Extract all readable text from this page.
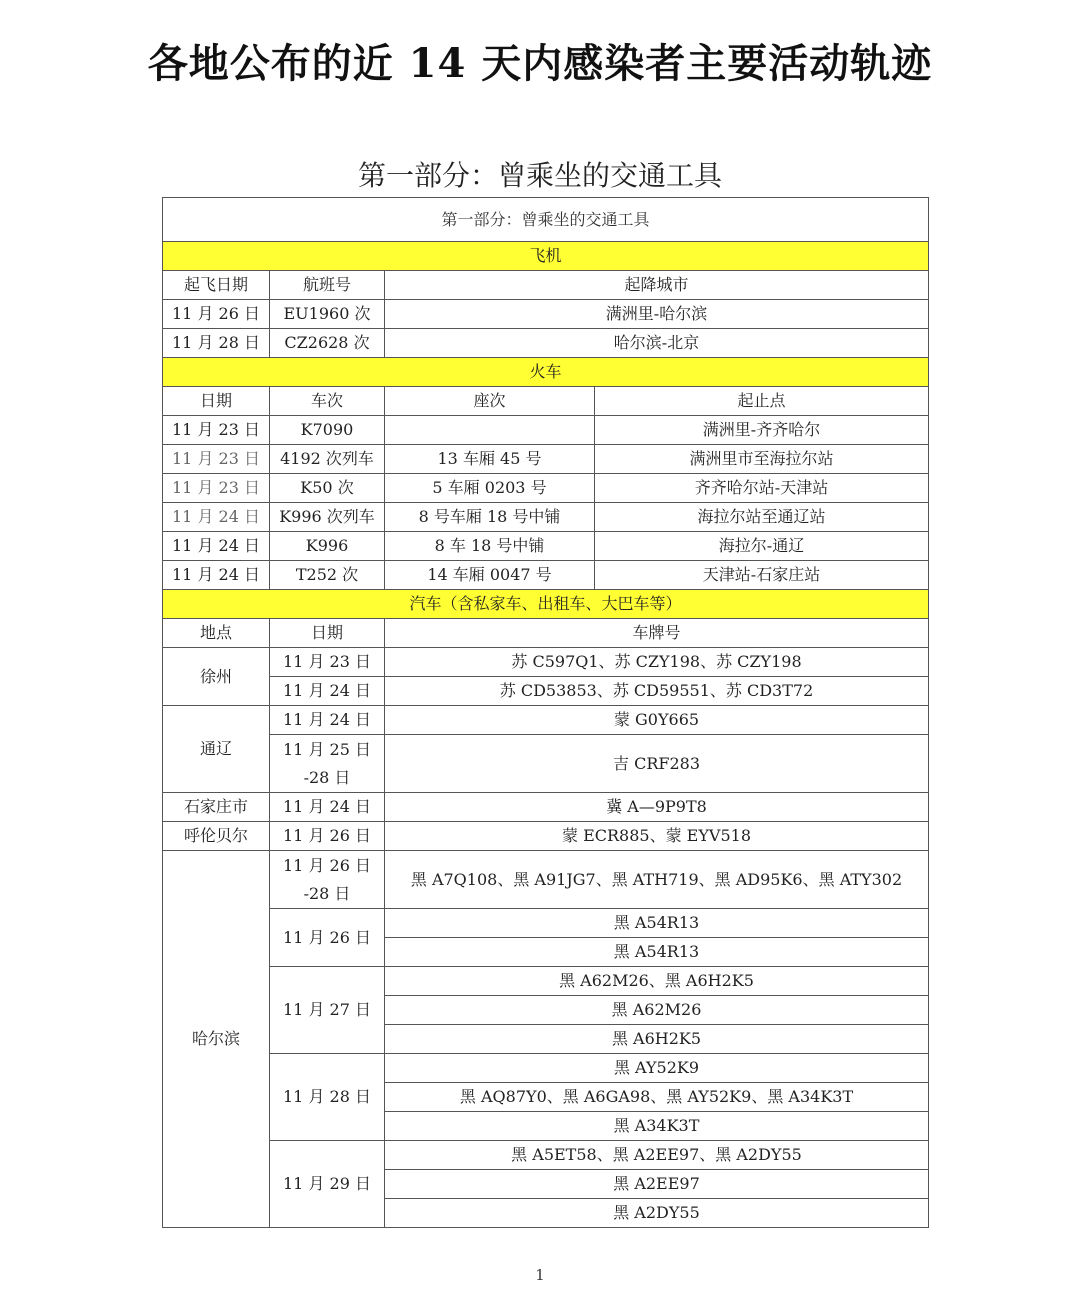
各地公布的近 14 天内感染者主要活动轨迹
第一部分：曾乘坐的交通工具
第一部分：曾乘坐的交通工具			
飞机			
起飞日期	航班号	起降城市	
11 月 26 日	EU1960 次	满洲里-哈尔滨	
11 月 28 日	CZ2628 次	哈尔滨-北京	
火车			
日期	车次	座次	起止点
11 月 23 日	K7090		满洲里-齐齐哈尔
11 月 23 日	4192 次列车	13 车厢 45 号	满洲里市至海拉尔站
11 月 23 日	K50 次	5 车厢 0203 号	齐齐哈尔站-天津站
11 月 24 日	K996 次列车	8 号车厢 18 号中铺	海拉尔站至通辽站
11 月 24 日	K996	8 车 18 号中铺	海拉尔-通辽
11 月 24 日	T252 次	14 车厢 0047 号	天津站-石家庄站
汽车（含私家车、出租车、大巴车等）			
地点	日期	车牌号	
徐州	11 月 23 日	苏 C597Q1、苏 CZY198、苏 CZY198	
	11 月 24 日	苏 CD53853、苏 CD59551、苏 CD3T72	
通辽	11 月 24 日	蒙 G0Y665	

	11 月 25 日
-28 日	吉 CRF283	
石家庄市	11 月 24 日	冀 A—9P9T8	
呼伦贝尔	11 月 26 日	蒙 ECR885、蒙 EYV518	
哈尔滨	11 月 26 日
-28 日	黑 A7Q108、黑 A91JG7、黑 ATH719、黑 AD95K6、黑 ATY302	
	11 月 26 日	黑 A54R13	
		黑 A54R13	
	11 月 27 日	黑 A62M26、黑 A6H2K5	
		黑 A62M26	
		黑 A6H2K5	
	11 月 28 日	黑 AY52K9	
		黑 AQ87Y0、黑 A6GA98、黑 AY52K9、黑 A34K3T	
		黑 A34K3T	
	11 月 29 日	黑 A5ET58、黑 A2EE97、黑 A2DY55	
		黑 A2EE97	
		黑 A2DY55	
1
